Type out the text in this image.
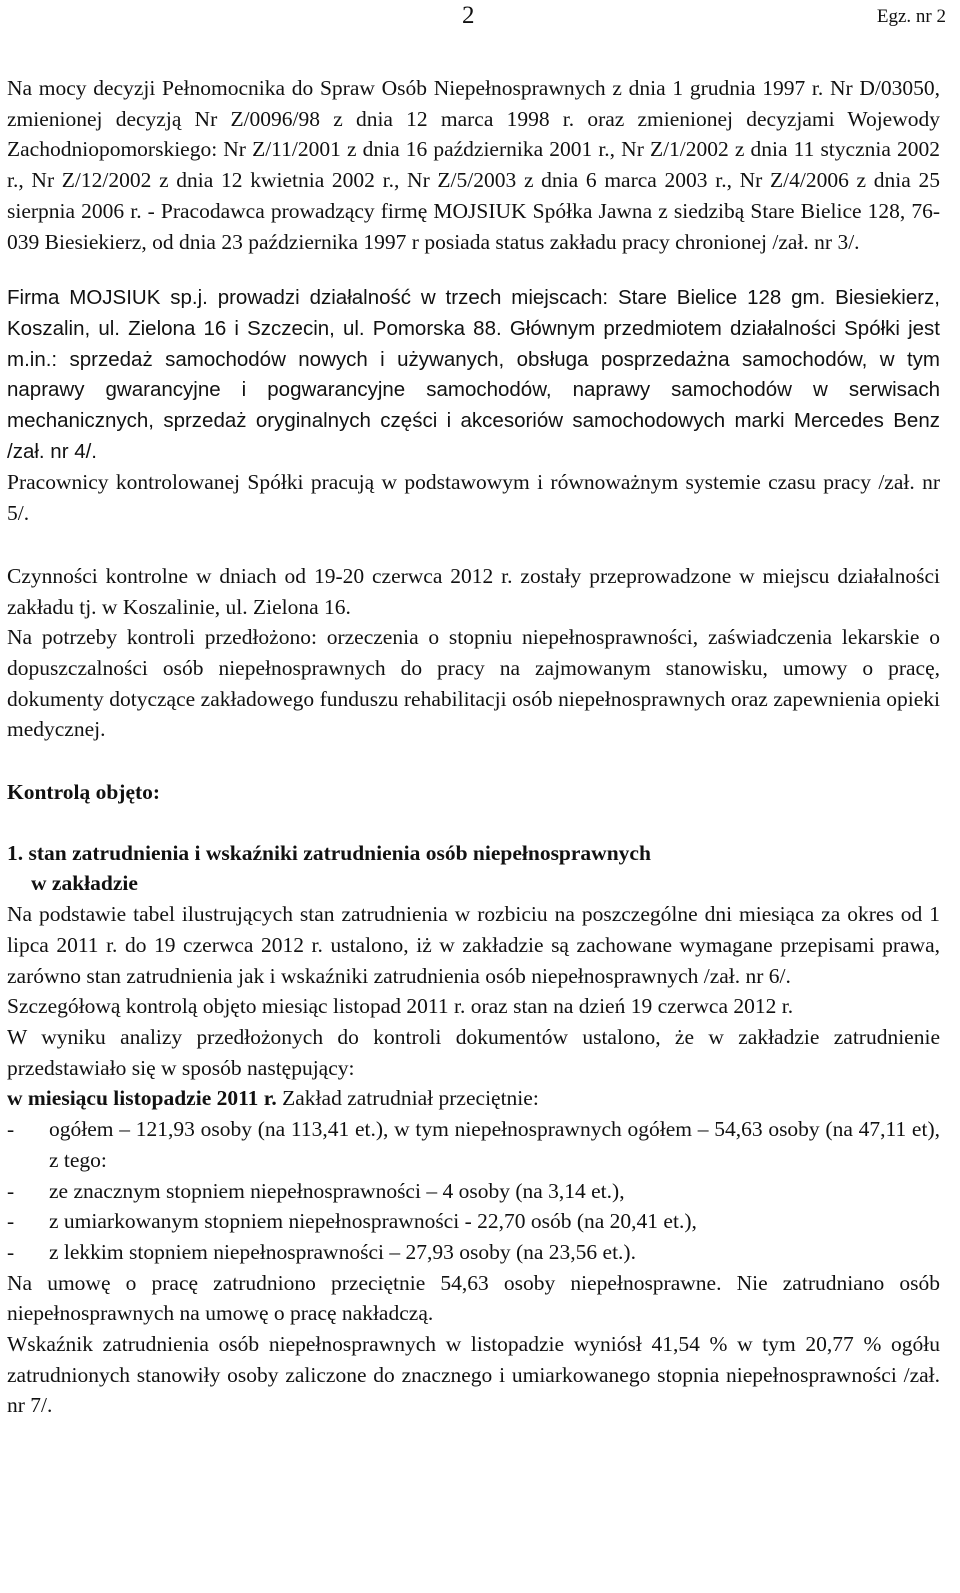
2	Egz. nr 2

Na mocy decyzji Pełnomocnika do Spraw Osób Niepełnosprawnych z dnia 1 grudnia 1997 r. Nr D/03050, zmienionej decyzją Nr Z/0096/98 z dnia 12 marca 1998 r. oraz zmienionej decyzjami Wojewody Zachodniopomorskiego: Nr Z/11/2001 z dnia 16 października 2001 r., Nr Z/1/2002 z dnia 11 stycznia 2002 r., Nr Z/12/2002 z dnia 12 kwietnia 2002 r., Nr Z/5/2003 z dnia 6 marca 2003 r., Nr Z/4/2006 z dnia 25 sierpnia 2006 r. - Pracodawca prowadzący firmę MOJSIUK Spółka Jawna z siedzibą Stare Bielice 128, 76-039 Biesiekierz, od dnia 23 października 1997 r posiada status zakładu pracy chronionej /zał. nr 3/.

Firma MOJSIUK sp.j. prowadzi działalność w trzech miejscach: Stare Bielice 128 gm. Biesiekierz, Koszalin, ul. Zielona 16 i Szczecin, ul. Pomorska 88. Głównym przedmiotem działalności Spółki jest m.in.: sprzedaż samochodów nowych i używanych, obsługa posprzedażna samochodów, w tym naprawy gwarancyjne i pogwarancyjne samochodów, naprawy samochodów w serwisach mechanicznych, sprzedaż oryginalnych części i akcesoriów samochodowych marki Mercedes Benz /zał. nr 4/.

Pracownicy kontrolowanej Spółki pracują w podstawowym i równoważnym systemie czasu pracy /zał. nr 5/.

Czynności kontrolne w dniach od 19-20 czerwca 2012 r. zostały przeprowadzone w miejscu działalności zakładu tj. w Koszalinie, ul. Zielona 16.

Na potrzeby kontroli przedłożono: orzeczenia o stopniu niepełnosprawności, zaświadczenia lekarskie o dopuszczalności osób niepełnosprawnych do pracy na zajmowanym stanowisku, umowy o pracę, dokumenty dotyczące zakładowego funduszu rehabilitacji osób niepełnosprawnych oraz zapewnienia opieki medycznej.

Kontrolą objęto:

1. stan zatrudnienia i wskaźniki zatrudnienia osób niepełnosprawnych
w zakładzie

Na podstawie tabel ilustrujących stan zatrudnienia w rozbiciu na poszczególne dni miesiąca za okres od 1 lipca 2011 r. do 19 czerwca 2012 r. ustalono, iż w zakładzie są zachowane wymagane przepisami prawa, zarówno stan zatrudnienia jak i wskaźniki zatrudnienia osób niepełnosprawnych /zał. nr 6/.

Szczegółową kontrolą objęto miesiąc listopad 2011 r. oraz stan na dzień 19 czerwca 2012 r.

W wyniku analizy przedłożonych do kontroli dokumentów ustalono, że w zakładzie zatrudnienie przedstawiało się w sposób następujący:

w miesiącu listopadzie 2011 r. Zakład zatrudniał przeciętnie:

-	ogółem – 121,93 osoby (na 113,41 et.), w tym niepełnosprawnych ogółem – 54,63 osoby (na 47,11 et), z tego:
-	ze znacznym stopniem niepełnosprawności – 4 osoby (na 3,14 et.),
-	z umiarkowanym stopniem niepełnosprawności - 22,70 osób (na 20,41 et.),
-	z lekkim stopniem niepełnosprawności – 27,93 osoby (na 23,56 et.).

Na umowę o pracę zatrudniono przeciętnie 54,63 osoby niepełnosprawne. Nie zatrudniano osób niepełnosprawnych na umowę o pracę nakładczą.

Wskaźnik zatrudnienia osób niepełnosprawnych w listopadzie wyniósł 41,54 % w tym 20,77 % ogółu zatrudnionych stanowiły osoby zaliczone do znacznego i umiarkowanego stopnia niepełnosprawności /zał. nr 7/.
